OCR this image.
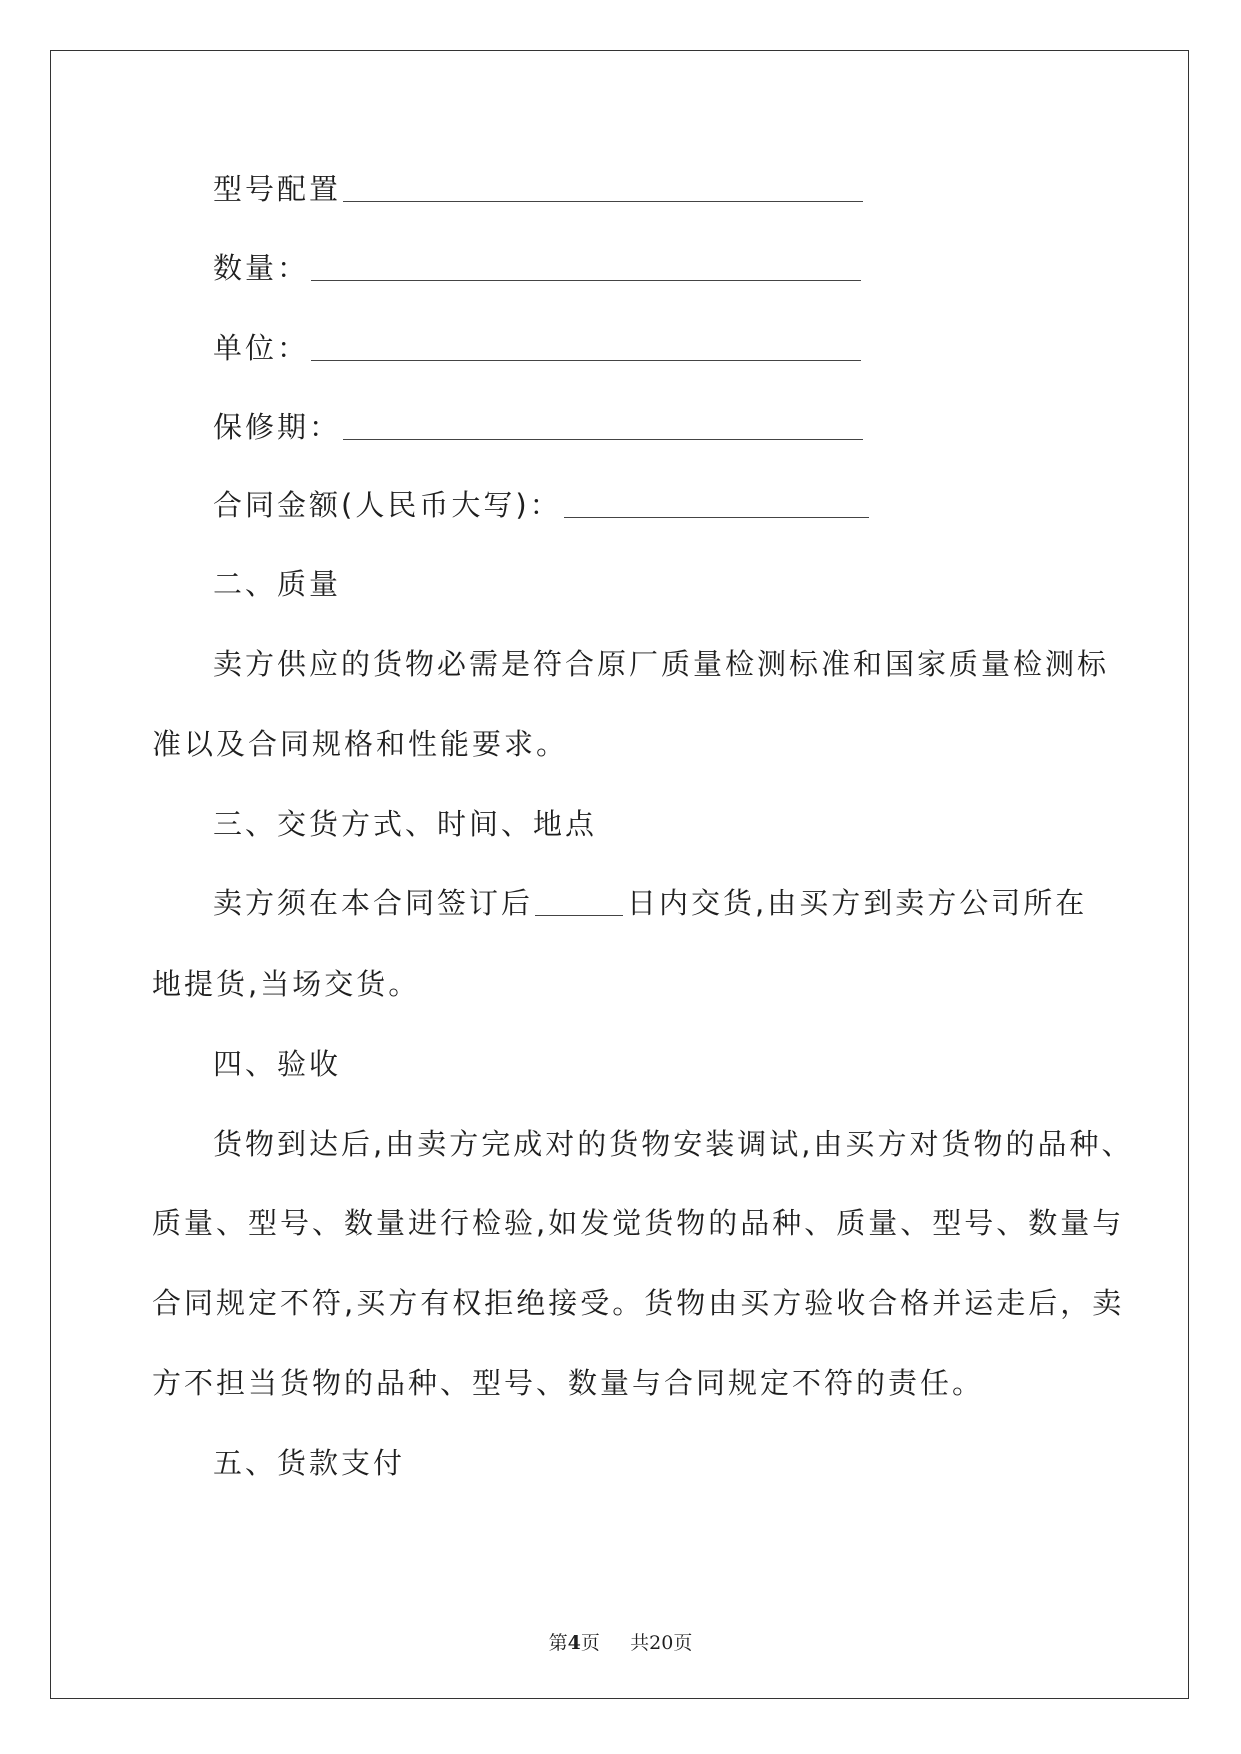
型号配置
数量：
单位：
保修期：
合同金额(人民币大写)：
二、质量
卖方供应的货物必需是符合原厂质量检测标准和国家质量检测标
准以及合同规格和性能要求。
三、交货方式、时间、地点
卖方须在本合同签订后	日内交货,由买方到卖方公司所在
地提货,当场交货。
四、验收
货物到达后,由卖方完成对的货物安装调试,由买方对货物的品种、
质量、型号、数量进行检验,如发觉货物的品种、质量、型号、数量与
合同规定不符,买方有权拒绝接受。货物由买方验收合格并运走后，卖
方不担当货物的品种、型号、数量与合同规定不符的责任。
五、货款支付
第4页 共20页
